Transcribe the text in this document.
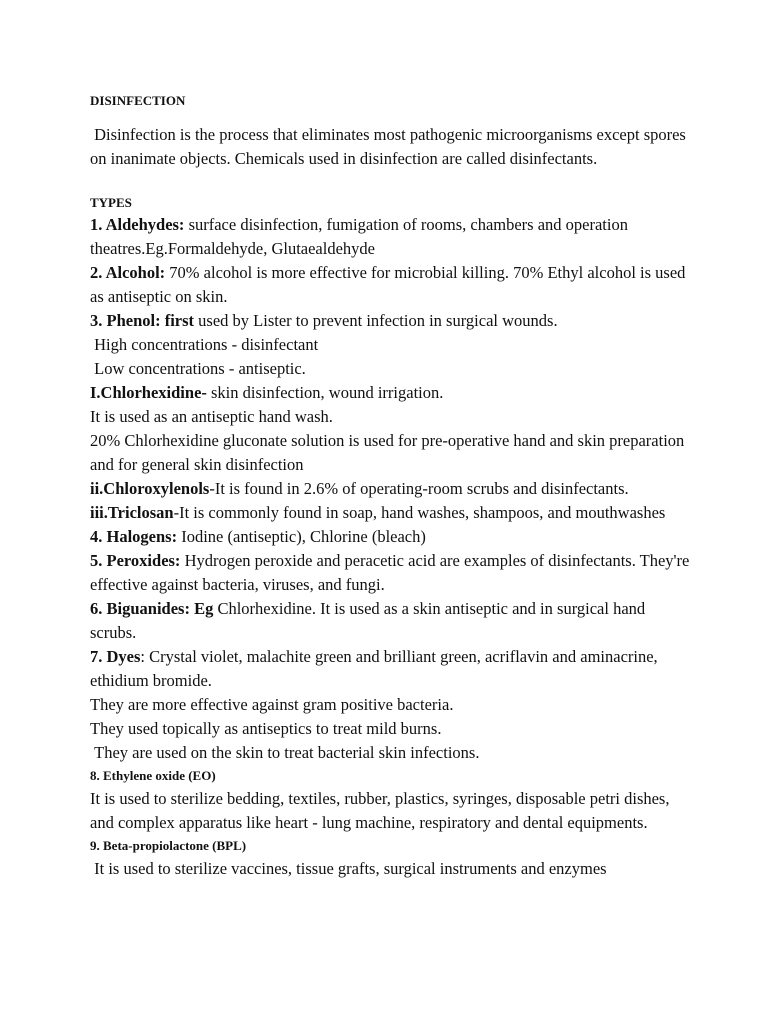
DISINFECTION

Disinfection is the process that eliminates most pathogenic microorganisms except spores on inanimate objects. Chemicals used in disinfection are called disinfectants.

TYPES

1. Aldehydes: surface disinfection, fumigation of rooms, chambers and operation theatres.Eg.Formaldehyde, Glutaealdehyde

2. Alcohol: 70% alcohol is more effective for microbial killing. 70% Ethyl alcohol is used as antiseptic on skin.

3. Phenol: first used by Lister to prevent infection in surgical wounds.

High concentrations - disinfectant

Low concentrations - antiseptic.

I.Chlorhexidine- skin disinfection, wound irrigation.

It is used as an antiseptic hand wash.

20% Chlorhexidine gluconate solution is used for pre-operative hand and skin preparation and for general skin disinfection

ii.Chloroxylenols-It is found in 2.6% of operating-room scrubs and disinfectants.

iii.Triclosan-It is commonly found in soap, hand washes, shampoos, and mouthwashes

4. Halogens: Iodine (antiseptic), Chlorine (bleach)

5. Peroxides: Hydrogen peroxide and peracetic acid are examples of disinfectants. They're effective against bacteria, viruses, and fungi.

6. Biguanides: Eg Chlorhexidine. It is used as a skin antiseptic and in surgical hand scrubs.

7. Dyes: Crystal violet, malachite green and brilliant green, acriflavin and aminacrine, ethidium bromide.

They are more effective against gram positive bacteria.

They used topically as antiseptics to treat mild burns.

They are used on the skin to treat bacterial skin infections.

8. Ethylene oxide (EO)

It is used to sterilize bedding, textiles, rubber, plastics, syringes, disposable petri dishes, and complex apparatus like heart - lung machine, respiratory and dental equipments.

9. Beta-propiolactone (BPL)

It is used to sterilize vaccines, tissue grafts, surgical instruments and enzymes
